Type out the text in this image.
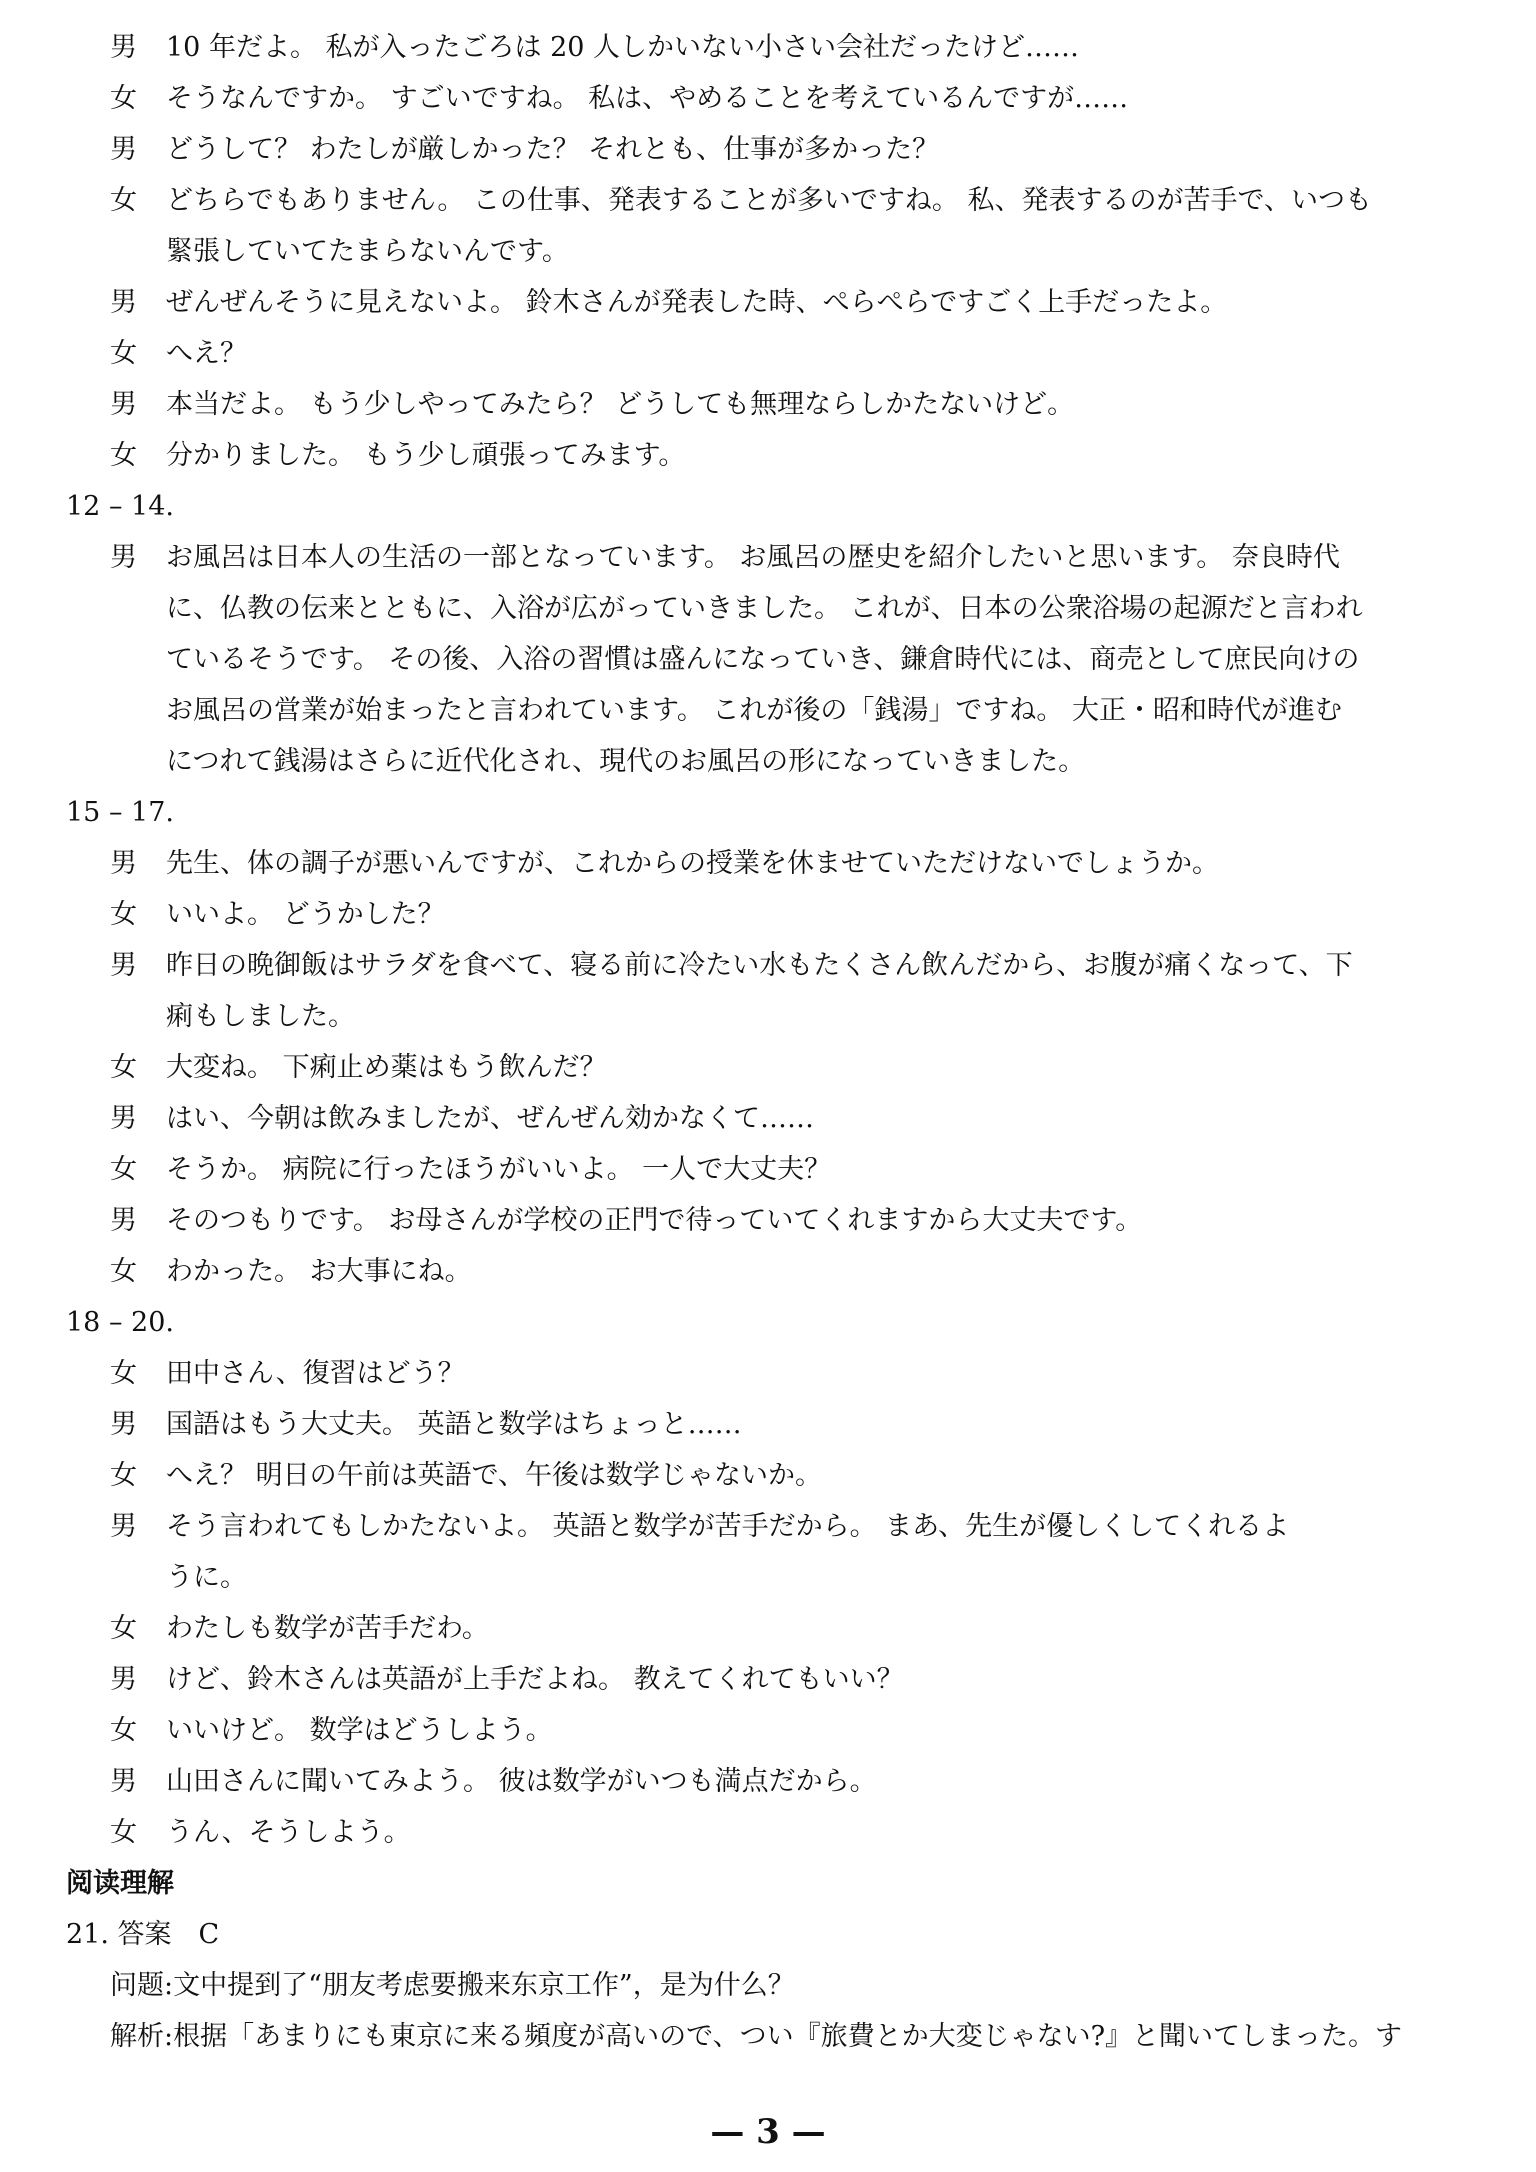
男 10 年だよ。 私が入ったごろは 20 人しかいない小さい会社だったけど……
女 そうなんですか。 すごいですね。 私は、やめることを考えているんですが……
男 どうして？ わたしが厳しかった？ それとも、仕事が多かった？
女 どちらでもありません。 この仕事、発表することが多いですね。 私、発表するのが苦手で、いつも
緊張していてたまらないんです。
男 ぜんぜんそうに見えないよ。 鈴木さんが発表した時、ぺらぺらですごく上手だったよ。
女 へえ？
男 本当だよ。 もう少しやってみたら？ どうしても無理ならしかたないけど。
女 分かりました。 もう少し頑張ってみます。
12 – 14.
男 お風呂は日本人の生活の一部となっています。 お風呂の歴史を紹介したいと思います。 奈良時代
に、仏教の伝来とともに、入浴が広がっていきました。 これが、日本の公衆浴場の起源だと言われ
ているそうです。 その後、入浴の習慣は盛んになっていき、鎌倉時代には、商売として庶民向けの
お風呂の営業が始まったと言われています。 これが後の「銭湯」ですね。 大正・昭和時代が進む
につれて銭湯はさらに近代化され、現代のお風呂の形になっていきました。
15 – 17.
男 先生、体の調子が悪いんですが、これからの授業を休ませていただけないでしょうか。
女 いいよ。 どうかした？
男 昨日の晩御飯はサラダを食べて、寝る前に冷たい水もたくさん飲んだから、お腹が痛くなって、下
痢もしました。
女 大変ね。 下痢止め薬はもう飲んだ？
男 はい、今朝は飲みましたが、ぜんぜん効かなくて……
女 そうか。 病院に行ったほうがいいよ。 一人で大丈夫？
男 そのつもりです。 お母さんが学校の正門で待っていてくれますから大丈夫です。
女 わかった。 お大事にね。
18 – 20.
女 田中さん、復習はどう？
男 国語はもう大丈夫。 英語と数学はちょっと……
女 へえ？ 明日の午前は英語で、午後は数学じゃないか。
男 そう言われてもしかたないよ。 英語と数学が苦手だから。 まあ、先生が優しくしてくれるよ
うに。
女 わたしも数学が苦手だわ。
男 けど、鈴木さんは英語が上手だよね。 教えてくれてもいい？
女 いいけど。 数学はどうしよう。
男 山田さんに聞いてみよう。 彼は数学がいつも満点だから。
女 うん、そうしよう。
阅读理解
21. 答案　C
问题:文中提到了“朋友考虑要搬来东京工作”，是为什么？
解析:根据「あまりにも東京に来る頻度が高いので、つい『旅費とか大変じゃない?』と聞いてしまった。す
— 3 —
